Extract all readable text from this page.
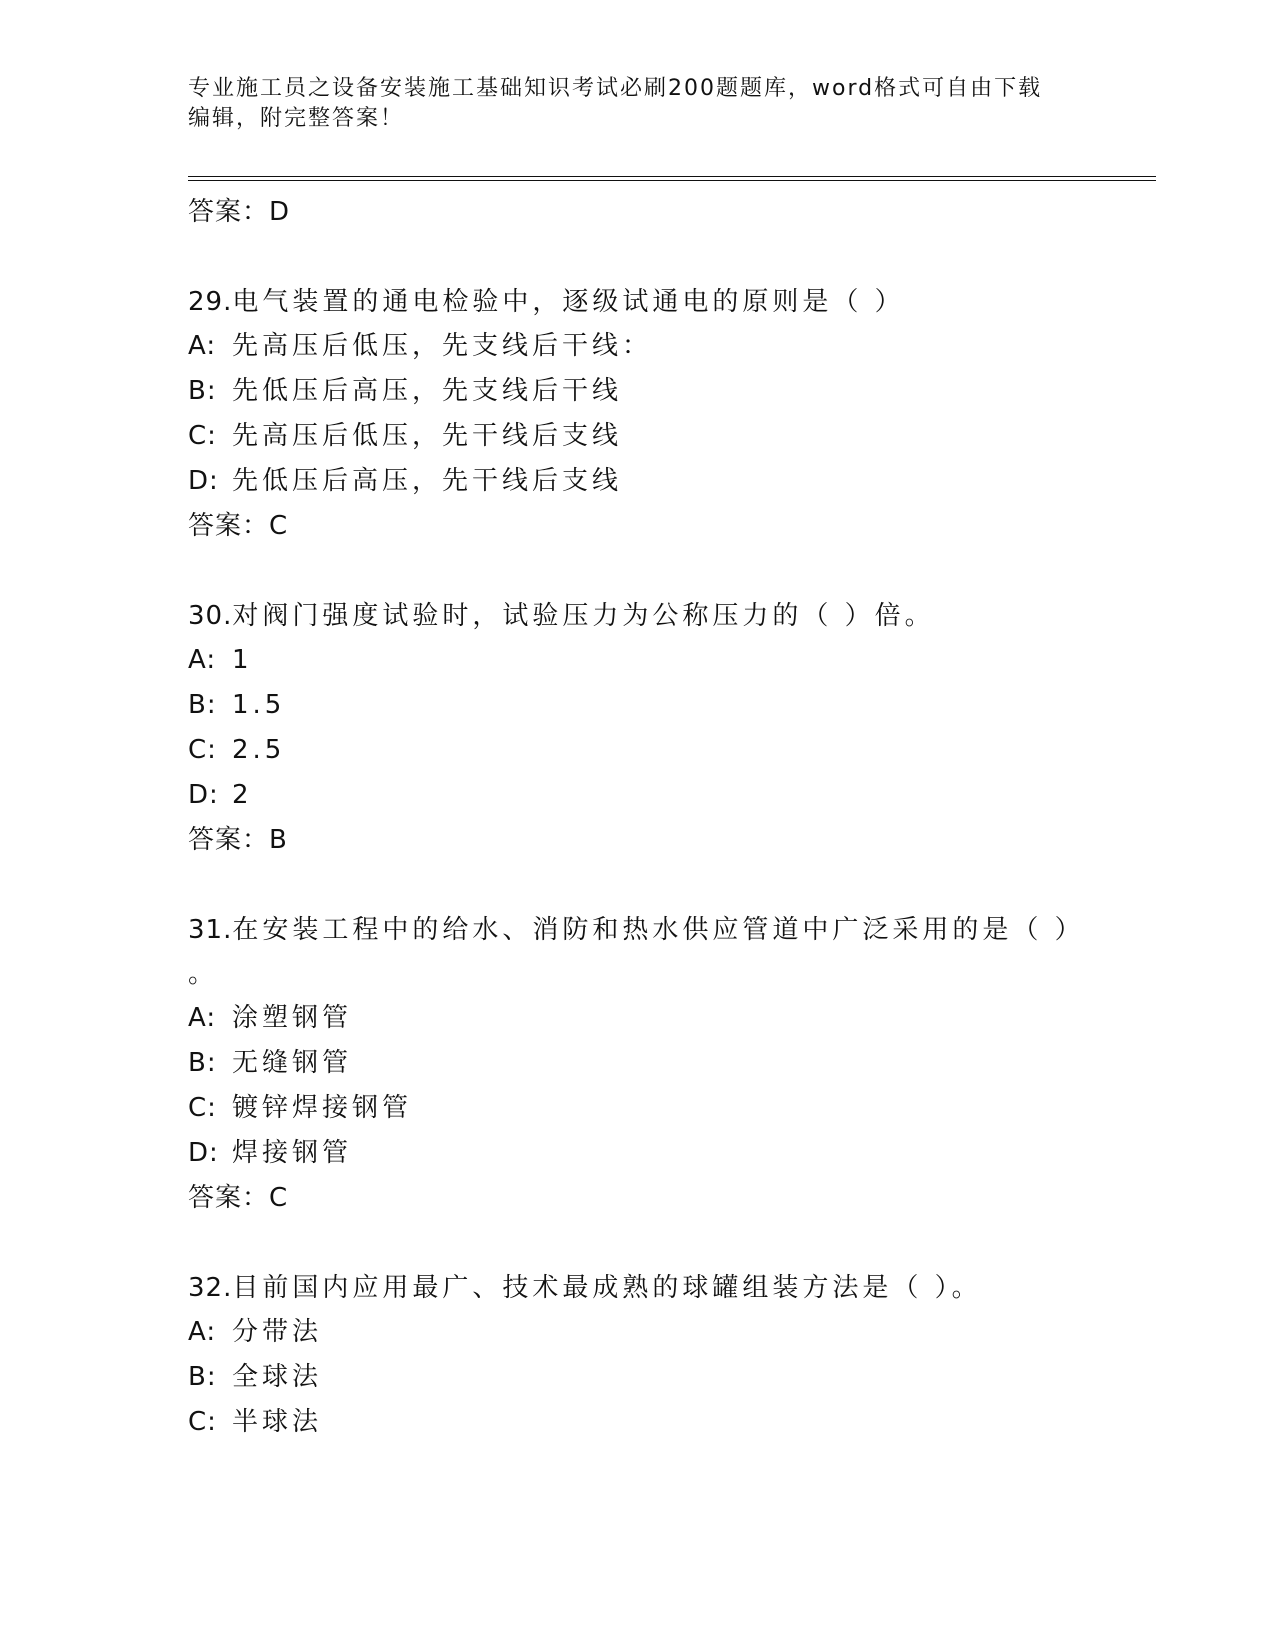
专业施工员之设备安装施工基础知识考试必刷200题题库，word格式可自由下载
编辑，附完整答案！
答案：D
29.电气装置的通电检验中，逐级试通电的原则是（ ）
A: 先高压后低压，先支线后干线：
B: 先低压后高压，先支线后干线
C: 先高压后低压，先干线后支线
D: 先低压后高压，先干线后支线
答案：C
30.对阀门强度试验时，试验压力为公称压力的（ ）倍。
A: 1
B: 1.5
C: 2.5
D: 2
答案：B
31.在安装工程中的给水、消防和热水供应管道中广泛采用的是（ ）
。
A: 涂塑钢管
B: 无缝钢管
C: 镀锌焊接钢管
D: 焊接钢管
答案：C
32.目前国内应用最广、技术最成熟的球罐组装方法是（ ）。
A: 分带法
B: 全球法
C: 半球法
